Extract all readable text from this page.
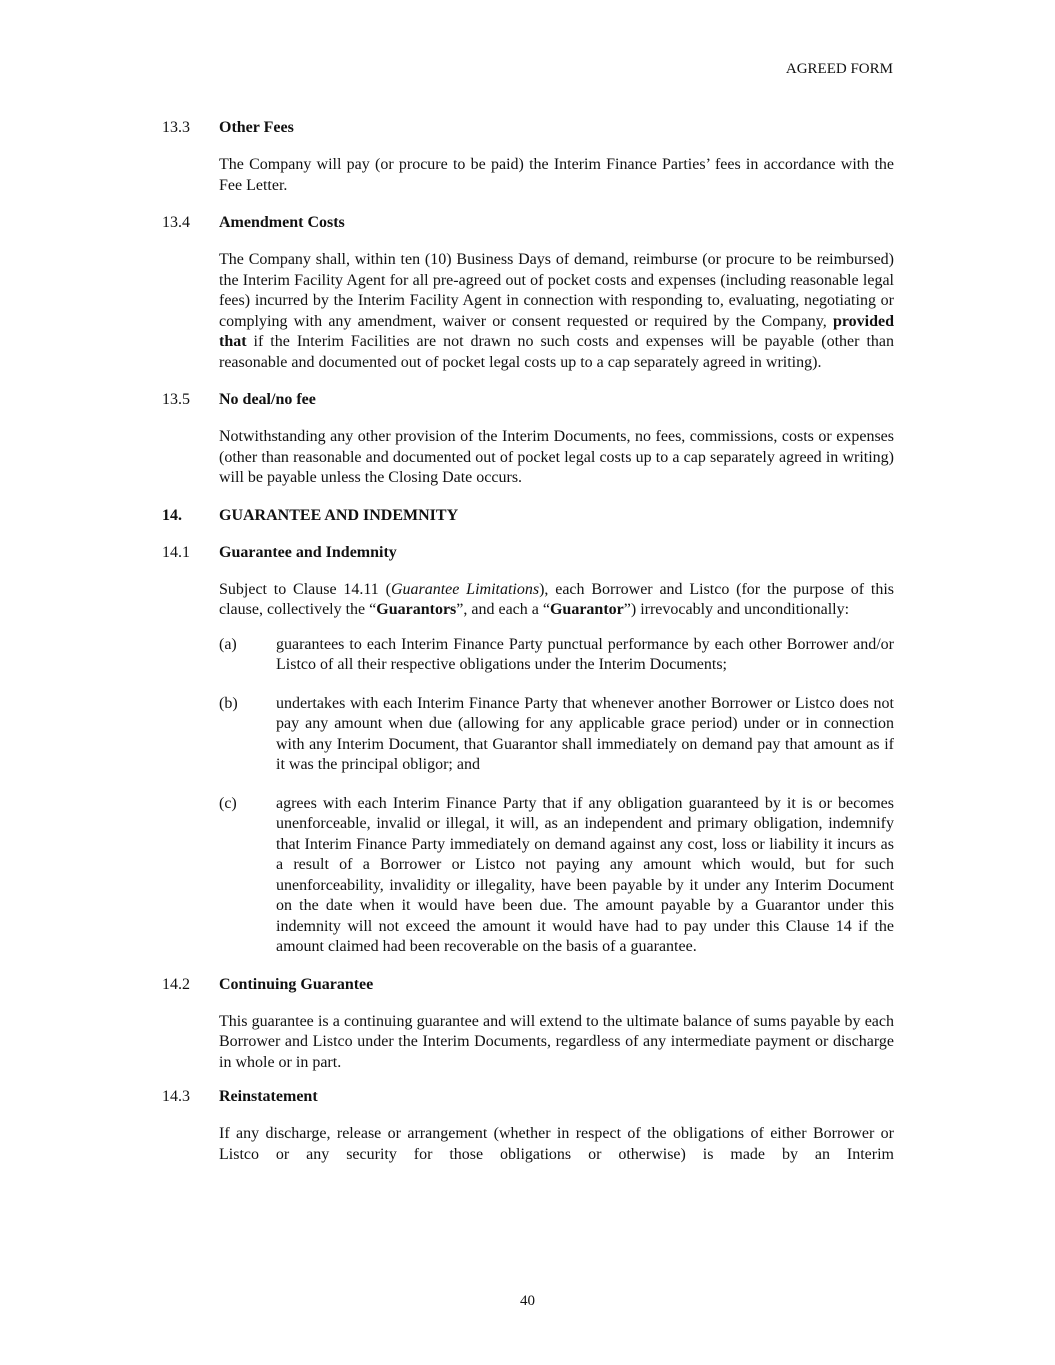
AGREED FORM
13.3 Other Fees

The Company will pay (or procure to be paid) the Interim Finance Parties’ fees in accordance with the Fee Letter.

13.4 Amendment Costs

The Company shall, within ten (10) Business Days of demand, reimburse (or procure to be reimbursed) the Interim Facility Agent for all pre-agreed out of pocket costs and expenses (including reasonable legal fees) incurred by the Interim Facility Agent in connection with responding to, evaluating, negotiating or complying with any amendment, waiver or consent requested or required by the Company, provided that if the Interim Facilities are not drawn no such costs and expenses will be payable (other than reasonable and documented out of pocket legal costs up to a cap separately agreed in writing).

13.5 No deal/no fee

Notwithstanding any other provision of the Interim Documents, no fees, commissions, costs or expenses (other than reasonable and documented out of pocket legal costs up to a cap separately agreed in writing) will be payable unless the Closing Date occurs.

14. GUARANTEE AND INDEMNITY
14.1 Guarantee and Indemnity

Subject to Clause 14.11 (Guarantee Limitations), each Borrower and Listco (for the purpose of this clause, collectively the “Guarantors”, and each a “Guarantor”) irrevocably and unconditionally:

(a) guarantees to each Interim Finance Party punctual performance by each other Borrower and/or Listco of all their respective obligations under the Interim Documents;
(b) undertakes with each Interim Finance Party that whenever another Borrower or Listco does not pay any amount when due (allowing for any applicable grace period) under or in connection with any Interim Document, that Guarantor shall immediately on demand pay that amount as if it was the principal obligor; and
(c) agrees with each Interim Finance Party that if any obligation guaranteed by it is or becomes unenforceable, invalid or illegal, it will, as an independent and primary obligation, indemnify that Interim Finance Party immediately on demand against any cost, loss or liability it incurs as a result of a Borrower or Listco not paying any amount which would, but for such unenforceability, invalidity or illegality, have been payable by it under any Interim Document on the date when it would have been due. The amount payable by a Guarantor under this indemnity will not exceed the amount it would have had to pay under this Clause 14 if the amount claimed had been recoverable on the basis of a guarantee.
14.2 Continuing Guarantee

This guarantee is a continuing guarantee and will extend to the ultimate balance of sums payable by each Borrower and Listco under the Interim Documents, regardless of any intermediate payment or discharge in whole or in part.

14.3 Reinstatement

If any discharge, release or arrangement (whether in respect of the obligations of either Borrower or Listco or any security for those obligations or otherwise) is made by an Interim

40
